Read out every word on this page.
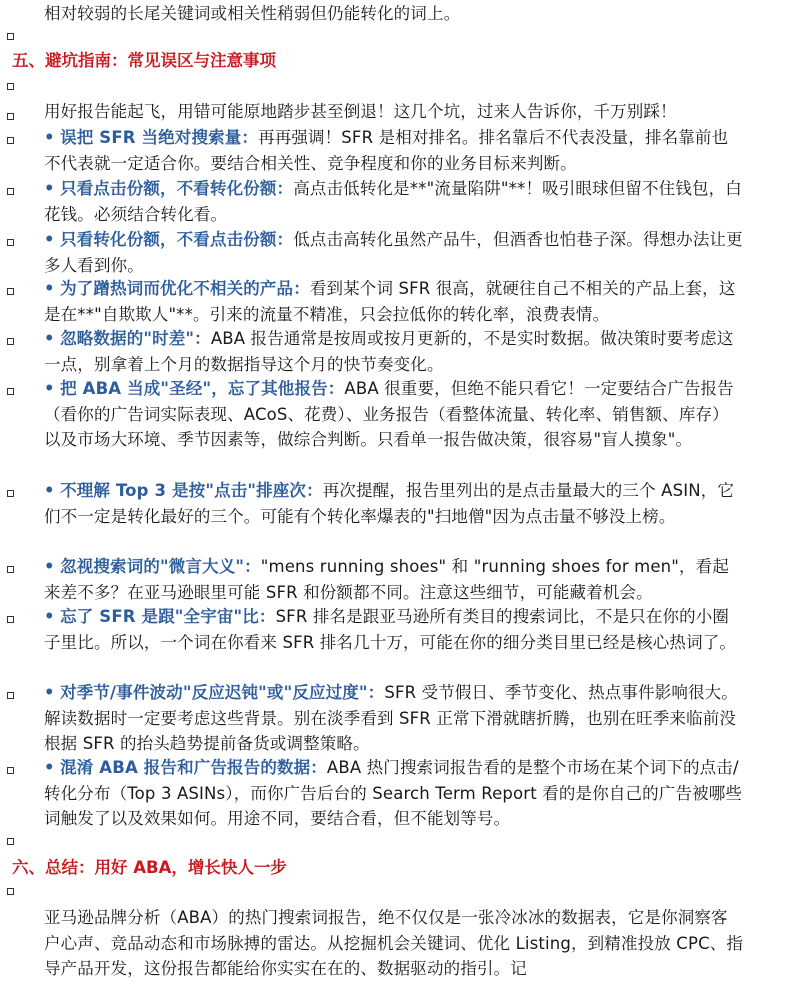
相对较弱的长尾关键词或相关性稍弱但仍能转化的词上。
五、避坑指南：常见误区与注意事项
用好报告能起飞，用错可能原地踏步甚至倒退！这几个坑，过来人告诉你，千万别踩！
• 误把 SFR 当绝对搜索量：再再强调！SFR 是相对排名。排名靠后不代表没量，排名靠前也不代表就一定适合你。要结合相关性、竞争程度和你的业务目标来判断。
• 只看点击份额，不看转化份额：高点击低转化是**"流量陷阱"**！吸引眼球但留不住钱包，白花钱。必须结合转化看。
• 只看转化份额，不看点击份额：低点击高转化虽然产品牛，但酒香也怕巷子深。得想办法让更多人看到你。
• 为了蹭热词而优化不相关的产品：看到某个词 SFR 很高，就硬往自己不相关的产品上套，这是在**"自欺欺人"**。引来的流量不精准，只会拉低你的转化率，浪费表情。
• 忽略数据的"时差"：ABA 报告通常是按周或按月更新的，不是实时数据。做决策时要考虑这一点，别拿着上个月的数据指导这个月的快节奏变化。
• 把 ABA 当成"圣经"，忘了其他报告：ABA 很重要，但绝不能只看它！一定要结合广告报告（看你的广告词实际表现、ACoS、花费）、业务报告（看整体流量、转化率、销售额、库存）以及市场大环境、季节因素等，做综合判断。只看单一报告做决策，很容易"盲人摸象"。
• 不理解 Top 3 是按"点击"排座次：再次提醒，报告里列出的是点击量最大的三个 ASIN，它们不一定是转化最好的三个。可能有个转化率爆表的"扫地僧"因为点击量不够没上榜。
• 忽视搜索词的"微言大义"："mens running shoes" 和 "running shoes for men"，看起来差不多？在亚马逊眼里可能 SFR 和份额都不同。注意这些细节，可能藏着机会。
• 忘了 SFR 是跟"全宇宙"比：SFR 排名是跟亚马逊所有类目的搜索词比，不是只在你的小圈子里比。所以，一个词在你看来 SFR 排名几十万，可能在你的细分类目里已经是核心热词了。
• 对季节/事件波动"反应迟钝"或"反应过度"：SFR 受节假日、季节变化、热点事件影响很大。解读数据时一定要考虑这些背景。别在淡季看到 SFR 正常下滑就瞎折腾，也别在旺季来临前没根据 SFR 的抬头趋势提前备货或调整策略。
• 混淆 ABA 报告和广告报告的数据：ABA 热门搜索词报告看的是整个市场在某个词下的点击/转化分布（Top 3 ASINs），而你广告后台的 Search Term Report 看的是你自己的广告被哪些词触发了以及效果如何。用途不同，要结合看，但不能划等号。
六、总结：用好 ABA，增长快人一步
亚马逊品牌分析（ABA）的热门搜索词报告，绝不仅仅是一张冷冰冰的数据表，它是你洞察客户心声、竞品动态和市场脉搏的雷达。从挖掘机会关键词、优化 Listing，到精准投放 CPC、指导产品开发，这份报告都能给你实实在在的、数据驱动的指引。记
